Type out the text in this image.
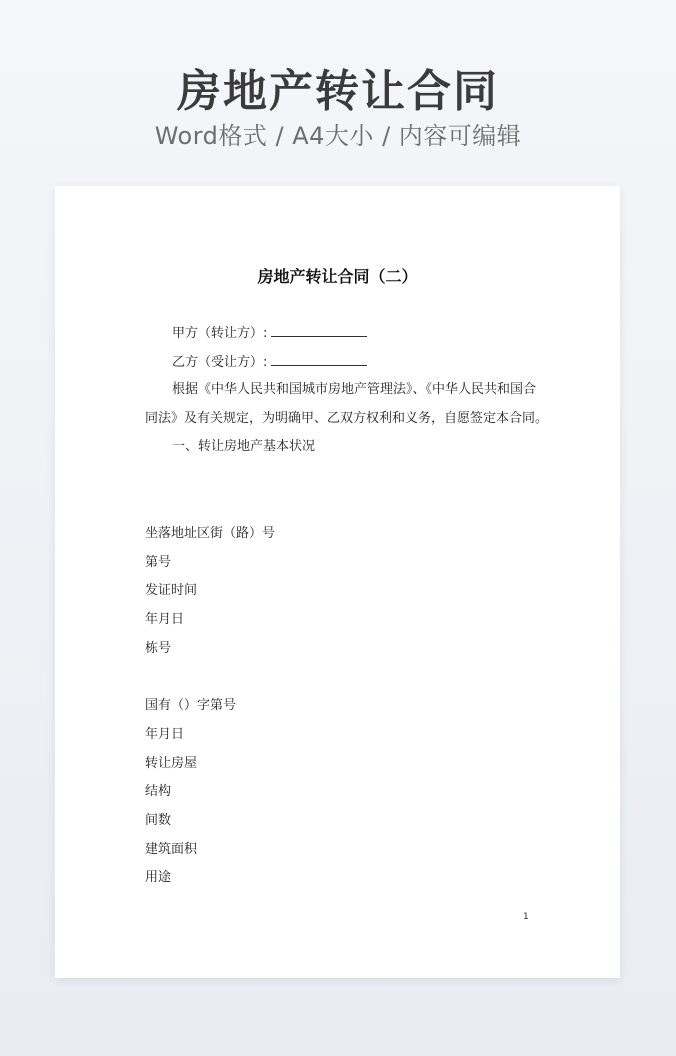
房地产转让合同
Word格式 / A4大小 / 内容可编辑
房地产转让合同（二）
甲方（转让方）:
乙方（受让方）:
根据《中华人民共和国城市房地产管理法》、《中华人民共和国合
同法》及有关规定，为明确甲、乙双方权利和义务，自愿签定本合同。
一、转让房地产基本状况
坐落地址区街（路）号
第号
发证时间
年月日
栋号
国有（）字第号
年月日
转让房屋
结构
间数
建筑面积
用途
1
